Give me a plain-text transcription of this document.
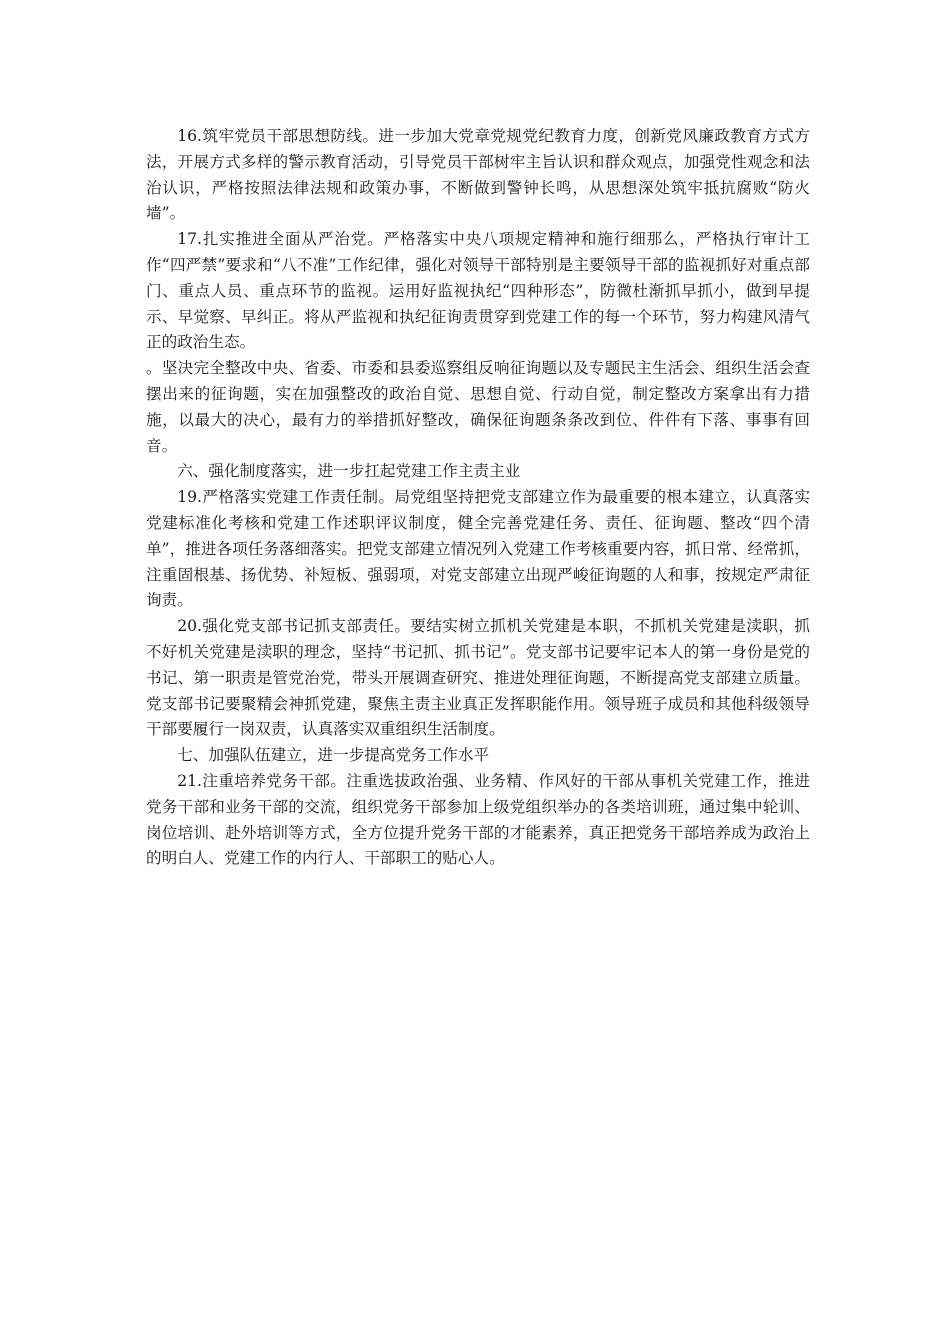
16.筑牢党员干部思想防线。进一步加大党章党规党纪教育力度，创新党风廉政教育方式方法，开展方式多样的警示教育活动，引导党员干部树牢主旨认识和群众观点，加强党性观念和法治认识，严格按照法律法规和政策办事，不断做到警钟长鸣，从思想深处筑牢抵抗腐败“防火墙”。

17.扎实推进全面从严治党。严格落实中央八项规定精神和施行细那么，严格执行审计工作“四严禁”要求和“八不准”工作纪律，强化对领导干部特别是主要领导干部的监视抓好对重点部门、重点人员、重点环节的监视。运用好监视执纪“四种形态”，防微杜渐抓早抓小，做到早提示、早觉察、早纠正。将从严监视和执纪征询责贯穿到党建工作的每一个环节，努力构建风清气正的政治生态。

。坚决完全整改中央、省委、市委和县委巡察组反响征询题以及专题民主生活会、组织生活会查摆出来的征询题，实在加强整改的政治自觉、思想自觉、行动自觉，制定整改方案拿出有力措施，以最大的决心，最有力的举措抓好整改，确保征询题条条改到位、件件有下落、事事有回音。

六、强化制度落实，进一步扛起党建工作主责主业

19.严格落实党建工作责任制。局党组坚持把党支部建立作为最重要的根本建立，认真落实党建标准化考核和党建工作述职评议制度，健全完善党建任务、责任、征询题、整改“四个清单”，推进各项任务落细落实。把党支部建立情况列入党建工作考核重要内容，抓日常、经常抓，注重固根基、扬优势、补短板、强弱项，对党支部建立出现严峻征询题的人和事，按规定严肃征询责。

20.强化党支部书记抓支部责任。要结实树立抓机关党建是本职，不抓机关党建是渎职，抓不好机关党建是渎职的理念，坚持“书记抓、抓书记”。党支部书记要牢记本人的第一身份是党的书记、第一职责是管党治党，带头开展调查研究、推进处理征询题，不断提高党支部建立质量。党支部书记要聚精会神抓党建，聚焦主责主业真正发挥职能作用。领导班子成员和其他科级领导干部要履行一岗双责，认真落实双重组织生活制度。

七、加强队伍建立，进一步提高党务工作水平

21.注重培养党务干部。注重选拔政治强、业务精、作风好的干部从事机关党建工作，推进党务干部和业务干部的交流，组织党务干部参加上级党组织举办的各类培训班，通过集中轮训、岗位培训、赴外培训等方式，全方位提升党务干部的才能素养，真正把党务干部培养成为政治上的明白人、党建工作的内行人、干部职工的贴心人。
